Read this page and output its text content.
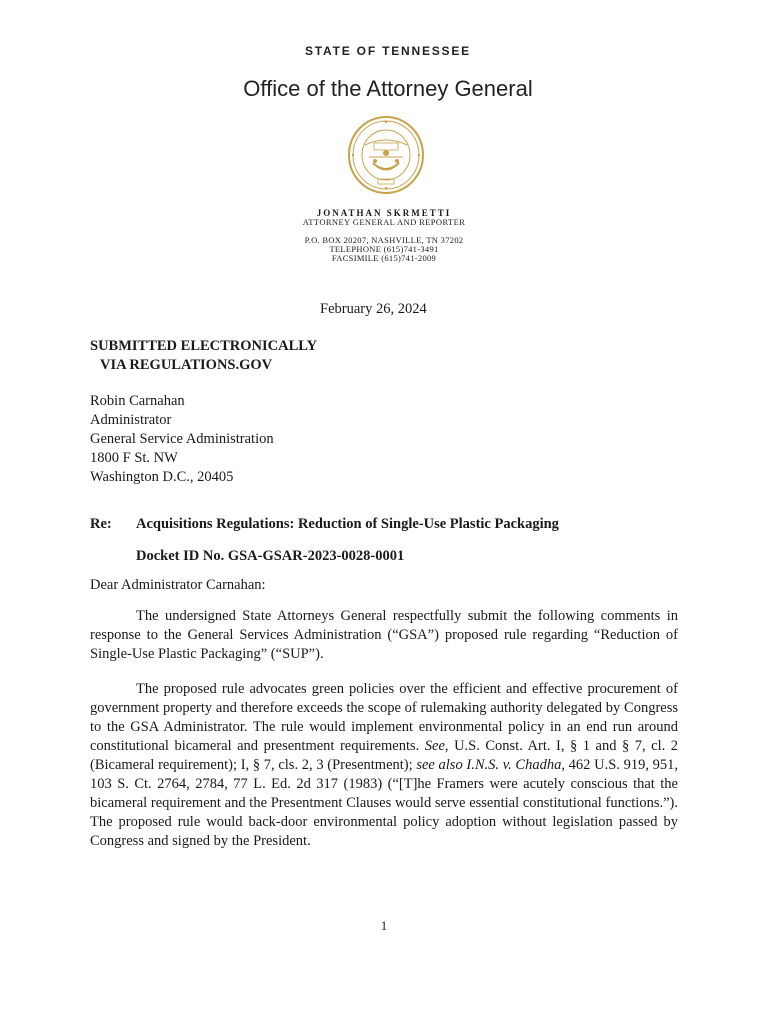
STATE OF TENNESSEE
Office of the Attorney General
JONATHAN SKRMETTI
ATTORNEY GENERAL AND REPORTER
P.O. BOX 20207, NASHVILLE, TN 37202
TELEPHONE (615)741-3491
FACSIMILE (615)741-2009
February 26, 2024
SUBMITTED ELECTRONICALLY
VIA REGULATIONS.GOV
Robin Carnahan
Administrator
General Service Administration
1800 F St. NW
Washington D.C., 20405
Re: Acquisitions Regulations: Reduction of Single-Use Plastic Packaging
Docket ID No. GSA-GSAR-2023-0028-0001
Dear Administrator Carnahan:
The undersigned State Attorneys General respectfully submit the following comments in response to the General Services Administration (“GSA”) proposed rule regarding “Reduction of Single-Use Plastic Packaging” (“SUP”).
The proposed rule advocates green policies over the efficient and effective procurement of government property and therefore exceeds the scope of rulemaking authority delegated by Congress to the GSA Administrator. The rule would implement environmental policy in an end run around constitutional bicameral and presentment requirements. See, U.S. Const. Art. I, § 1 and § 7, cl. 2 (Bicameral requirement); I, § 7, cls. 2, 3 (Presentment); see also I.N.S. v. Chadha, 462 U.S. 919, 951, 103 S. Ct. 2764, 2784, 77 L. Ed. 2d 317 (1983) (“[T]he Framers were acutely conscious that the bicameral requirement and the Presentment Clauses would serve essential constitutional functions.”). The proposed rule would back-door environmental policy adoption without legislation passed by Congress and signed by the President.
1
